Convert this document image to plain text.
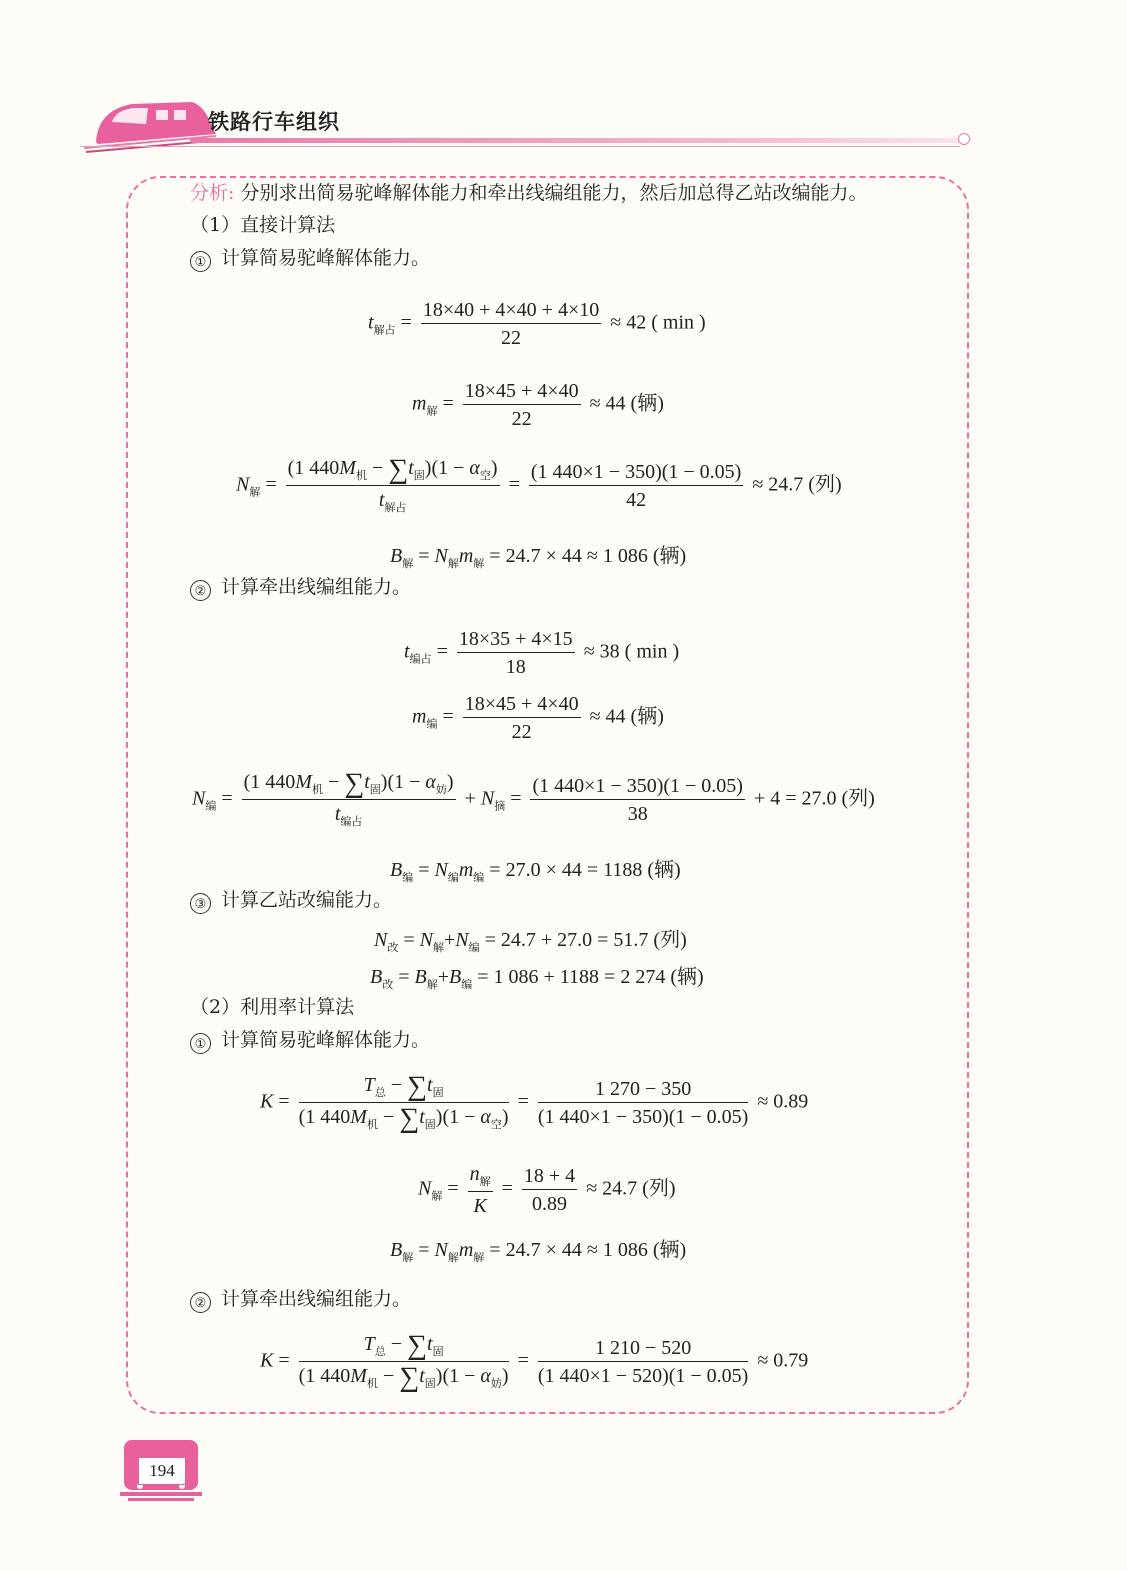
铁路行车组织
分析: 分别求出简易驼峰解体能力和牵出线编组能力，然后加总得乙站改编能力。
（1）直接计算法
① 计算简易驼峰解体能力。
$t_{解占} = \frac{18\times 40 + 4\times 40 + 4\times 10}{22} \approx 42$ ( min )
$m_解 = \frac{18\times 45 + 4\times 40}{22} \approx 44$ (辆)
$N_解 = \frac{(1 440M_机 - \sum t_固)(1 - \alpha_空)}{t_{解占}} = \frac{(1 440\times 1 - 350)(1 - 0.05)}{42} \approx 24.7$ (列)
$B_解 = N_解m_解 = 24.7 \times 44 \approx 1$ 086 (辆)
② 计算牵出线编组能力。
$t_{编占} = \frac{18\times 35 + 4\times 15}{18} \approx 38$ ( min )
$m_编 = \frac{18\times 45 + 4\times 40}{22} \approx 44$ (辆)
$N_编 = \frac{(1 440M_机 - \sum t_固)(1 - \alpha_妨)}{t_{编占}} + N_摘 = \frac{(1 440\times 1 - 350)(1 - 0.05)}{38} + 4 = 27.0$ (列)
$B_编 = N_编m_编 = 27.0 \times 44 = 1188$ (辆)
③ 计算乙站改编能力。
$N_改 = N_解+N_编 = 24.7 + 27.0 = 51.7$ (列)
$B_改 = B_解+B_编 = 1$ 086 + 1188 = 2 274 (辆)
（2）利用率计算法
① 计算简易驼峰解体能力。
$K = \frac{T_总 - \sum t_固}{(1 440M_机 - \sum t_固)(1 - \alpha_空)} = \frac{1 270 - 350}{(1 440\times 1 - 350)(1 - 0.05)} \approx 0.89$
$N_解 = \frac{n_解}{K} = \frac{18 + 4}{0.89} \approx 24.7$ (列)
$B_解 = N_解m_解 = 24.7 \times 44 \approx 1$ 086 (辆)
② 计算牵出线编组能力。
$K = \frac{T_总 - \sum t_固}{(1 440M_机 - \sum t_固)(1 - \alpha_妨)} = \frac{1 210 - 520}{(1 440\times 1 - 520)(1 - 0.05)} \approx 0.79$
194
